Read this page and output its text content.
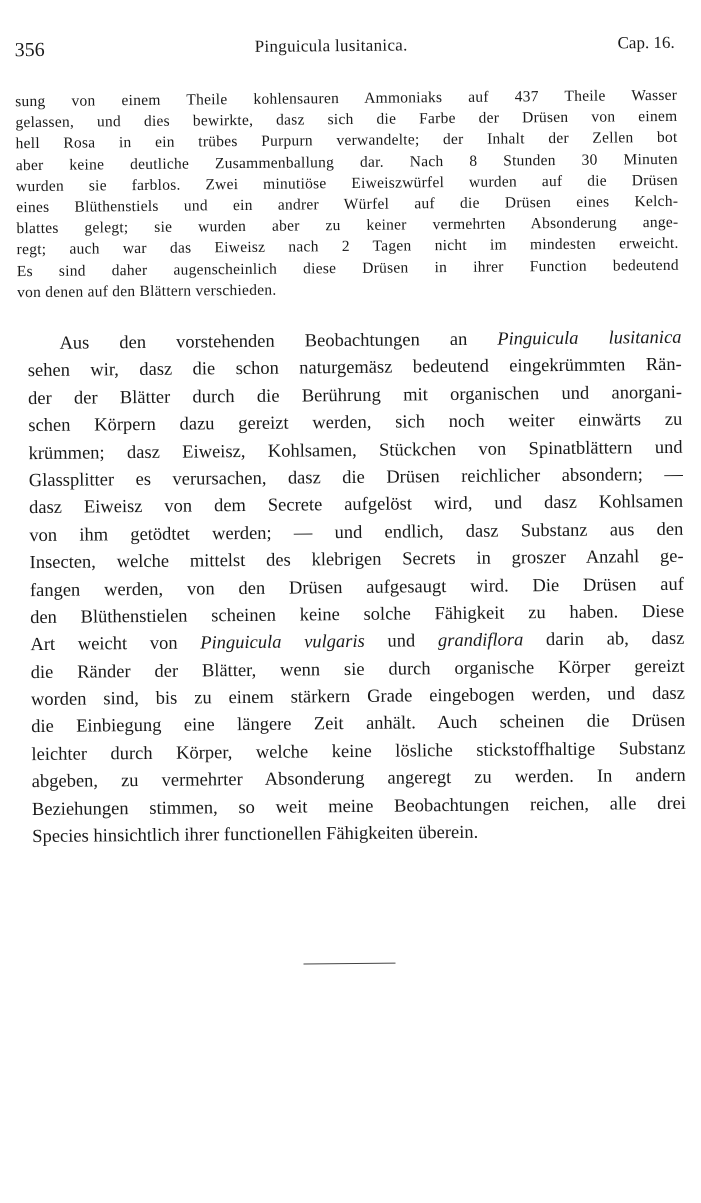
356	Pinguicula lusitanica.	Cap. 16.
sung von einem Theile kohlensauren Ammoniaks auf 437 Theile Wasser
gelassen, und dies bewirkte, dasz sich die Farbe der Drüsen von einem
hell Rosa in ein trübes Purpurn verwandelte; der Inhalt der Zellen bot
aber keine deutliche Zusammenballung dar. Nach 8 Stunden 30 Minuten
wurden sie farblos. Zwei minutiöse Eiweiszwürfel wurden auf die Drüsen
eines Blüthenstiels und ein andrer Würfel auf die Drüsen eines Kelch-
blattes gelegt; sie wurden aber zu keiner vermehrten Absonderung ange-
regt; auch war das Eiweisz nach 2 Tagen nicht im mindesten erweicht.
Es sind daher augenscheinlich diese Drüsen in ihrer Function bedeutend
von denen auf den Blättern verschieden.
Aus den vorstehenden Beobachtungen an Pinguicula lusitanica
sehen wir, dasz die schon naturgemäsz bedeutend eingekrümmten Rän-
der der Blätter durch die Berührung mit organischen und anorgani-
schen Körpern dazu gereizt werden, sich noch weiter einwärts zu
krümmen; dasz Eiweisz, Kohlsamen, Stückchen von Spinatblättern und
Glassplitter es verursachen, dasz die Drüsen reichlicher absondern; —
dasz Eiweisz von dem Secrete aufgelöst wird, und dasz Kohlsamen
von ihm getödtet werden; — und endlich, dasz Substanz aus den
Insecten, welche mittelst des klebrigen Secrets in groszer Anzahl ge-
fangen werden, von den Drüsen aufgesaugt wird. Die Drüsen auf
den Blüthenstielen scheinen keine solche Fähigkeit zu haben. Diese
Art weicht von Pinguicula vulgaris und grandiflora darin ab, dasz
die Ränder der Blätter, wenn sie durch organische Körper gereizt
worden sind, bis zu einem stärkern Grade eingebogen werden, und dasz
die Einbiegung eine längere Zeit anhält. Auch scheinen die Drüsen
leichter durch Körper, welche keine lösliche stickstoffhaltige Substanz
abgeben, zu vermehrter Absonderung angeregt zu werden. In andern
Beziehungen stimmen, so weit meine Beobachtungen reichen, alle drei
Species hinsichtlich ihrer functionellen Fähigkeiten überein.
